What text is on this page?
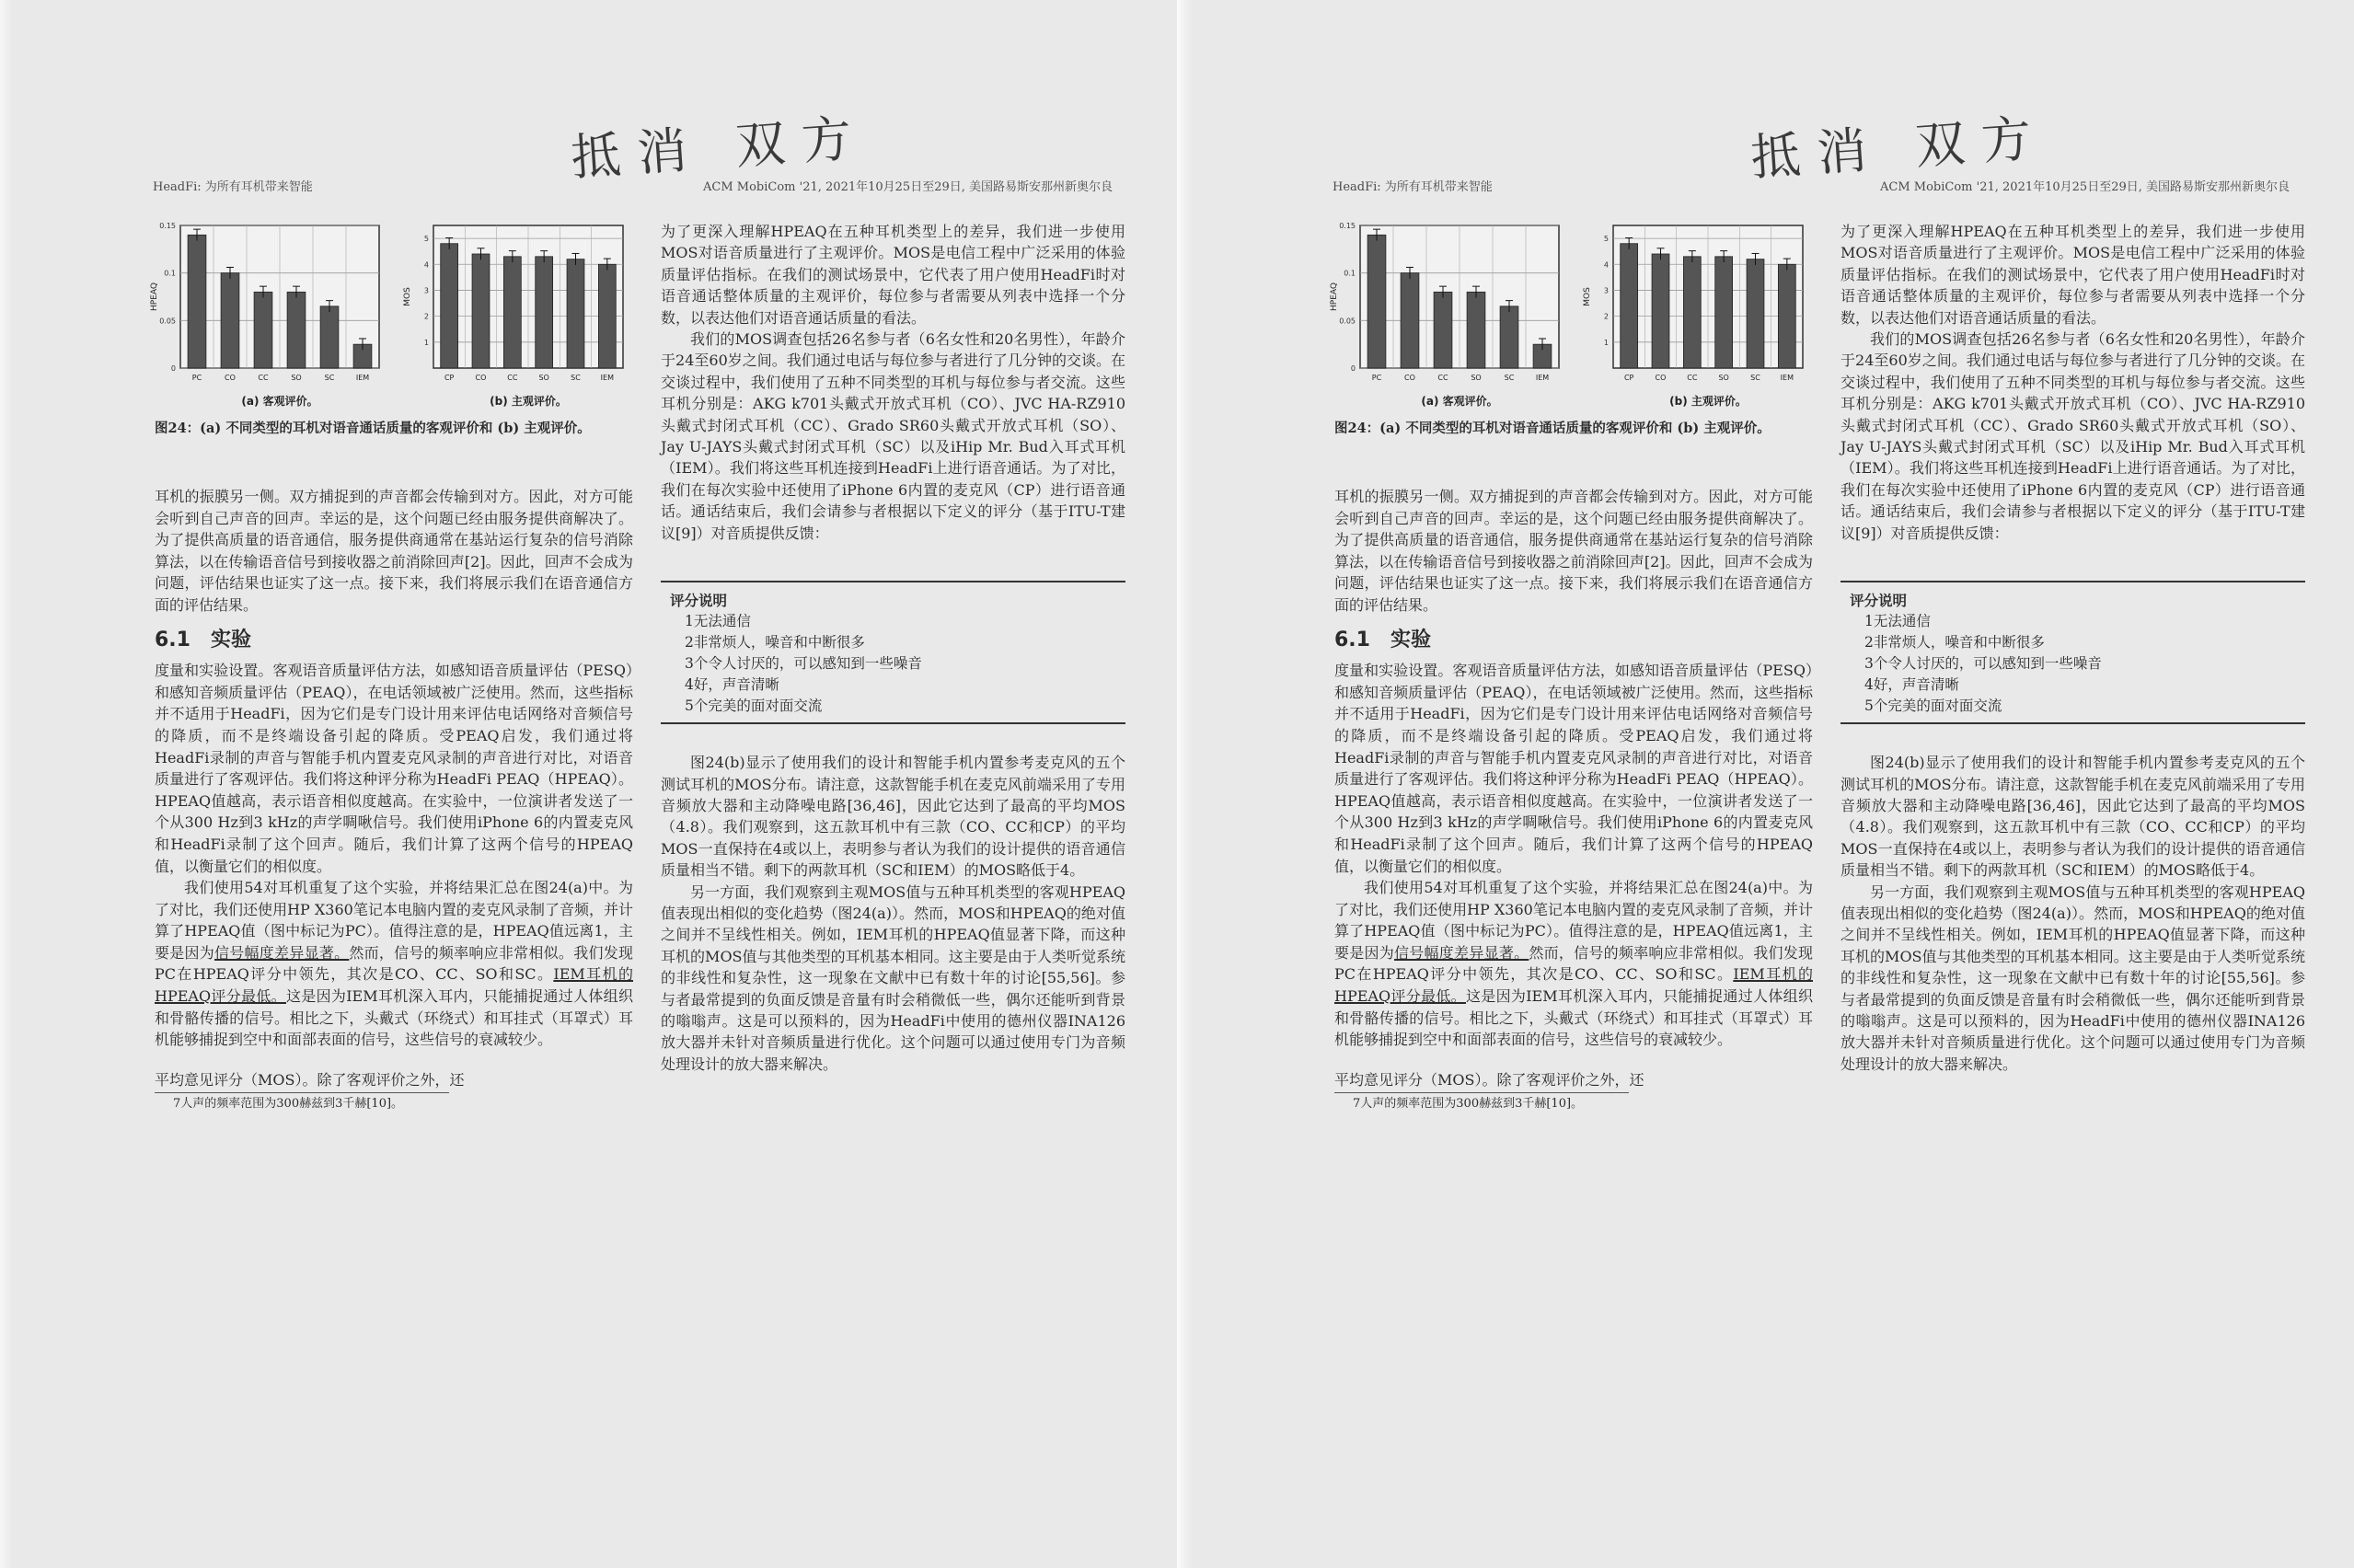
抵消 双方
HeadFi: 为所有耳机带来智能	ACM MobiCom '21, 2021年10月25日至29日, 美国路易斯安那州新奥尔良
0.15
0.1
0.05
0
PC	CO	CC	SO	SC	IEM
HPEAQ
(a) 客观评价。
5
4
3
2
1
CP	CO	CC	SO	SC	IEM
MOS
(b) 主观评价。
图24：(a) 不同类型的耳机对语音通话质量的客观评价和 (b) 主观评价。

耳机的振膜另一侧。双方捕捉到的声音都会传输到对方。因此，对方可能会听到自己声音的回声。幸运的是，这个问题已经由服务提供商解决了。为了提供高质量的语音通信，服务提供商通常在基站运行复杂的信号消除算法，以在传输语音信号到接收器之前消除回声[2]。因此，回声不会成为问题，评估结果也证实了这一点。接下来，我们将展示我们在语音通信方面的评估结果。

6.1　实验

度量和实验设置。客观语音质量评估方法，如感知语音质量评估（PESQ）和感知音频质量评估（PEAQ），在电话领域被广泛使用。然而，这些指标并不适用于HeadFi，因为它们是专门设计用来评估电话网络对音频信号的降质，而不是终端设备引起的降质。受PEAQ启发，我们通过将HeadFi录制的声音与智能手机内置麦克风录制的声音进行对比，对语音质量进行了客观评估。我们将这种评分称为HeadFi PEAQ（HPEAQ）。HPEAQ值越高，表示语音相似度越高。在实验中，一位演讲者发送了一个从300 Hz到3 kHz的声学啁啾信号。我们使用iPhone 6的内置麦克风和HeadFi录制了这个回声。随后，我们计算了这两个信号的HPEAQ值，以衡量它们的相似度。

我们使用54对耳机重复了这个实验，并将结果汇总在图24(a)中。为了对比，我们还使用HP X360笔记本电脑内置的麦克风录制了音频，并计算了HPEAQ值（图中标记为PC）。值得注意的是，HPEAQ值远离1，主要是因为信号幅度差异显著。然而，信号的频率响应非常相似。我们发现PC在HPEAQ评分中领先，其次是CO、CC、SO和SC。IEM耳机的HPEAQ评分最低。这是因为IEM耳机深入耳内，只能捕捉通过人体组织和骨骼传播的信号。相比之下，头戴式（环绕式）和耳挂式（耳罩式）耳机能够捕捉到空中和面部表面的信号，这些信号的衰减较少。

平均意见评分（MOS）。除了客观评价之外，还

7人声的频率范围为300赫兹到3千赫[10]。

为了更深入理解HPEAQ在五种耳机类型上的差异，我们进一步使用MOS对语音质量进行了主观评价。MOS是电信工程中广泛采用的体验质量评估指标。在我们的测试场景中，它代表了用户使用HeadFi时对语音通话整体质量的主观评价，每位参与者需要从列表中选择一个分数，以表达他们对语音通话质量的看法。

我们的MOS调查包括26名参与者（6名女性和20名男性），年龄介于24至60岁之间。我们通过电话与每位参与者进行了几分钟的交谈。在交谈过程中，我们使用了五种不同类型的耳机与每位参与者交流。这些耳机分别是：AKG k701头戴式开放式耳机（CO）、JVC HA-RZ910头戴式封闭式耳机（CC）、Grado SR60头戴式开放式耳机（SO）、Jay U-JAYS头戴式封闭式耳机（SC）以及iHip Mr. Bud入耳式耳机（IEM）。我们将这些耳机连接到HeadFi上进行语音通话。为了对比，我们在每次实验中还使用了iPhone 6内置的麦克风（CP）进行语音通话。通话结束后，我们会请参与者根据以下定义的评分（基于ITU-T建议[9]）对音质提供反馈：

评分说明
1无法通信
2非常烦人，噪音和中断很多
3个令人讨厌的，可以感知到一些噪音
4好，声音清晰
5个完美的面对面交流

图24(b)显示了使用我们的设计和智能手机内置参考麦克风的五个测试耳机的MOS分布。请注意，这款智能手机在麦克风前端采用了专用音频放大器和主动降噪电路[36,46]，因此它达到了最高的平均MOS（4.8）。我们观察到，这五款耳机中有三款（CO、CC和CP）的平均MOS一直保持在4或以上，表明参与者认为我们的设计提供的语音通信质量相当不错。剩下的两款耳机（SC和IEM）的MOS略低于4。

另一方面，我们观察到主观MOS值与五种耳机类型的客观HPEAQ值表现出相似的变化趋势（图24(a)）。然而，MOS和HPEAQ的绝对值之间并不呈线性相关。例如，IEM耳机的HPEAQ值显著下降，而这种耳机的MOS值与其他类型的耳机基本相同。这主要是由于人类听觉系统的非线性和复杂性，这一现象在文献中已有数十年的讨论[55,56]。参与者最常提到的负面反馈是音量有时会稍微低一些，偶尔还能听到背景的嗡嗡声。这是可以预料的，因为HeadFi中使用的德州仪器INA126放大器并未针对音频质量进行优化。这个问题可以通过使用专门为音频处理设计的放大器来解决。

抵消 双方
HeadFi: 为所有耳机带来智能	ACM MobiCom '21, 2021年10月25日至29日, 美国路易斯安那州新奥尔良
0.15
0.1
0.05
0
PC	CO	CC	SO	SC	IEM
HPEAQ
(a) 客观评价。
5
4
3
2
1
CP	CO	CC	SO	SC	IEM
MOS
(b) 主观评价。
图24：(a) 不同类型的耳机对语音通话质量的客观评价和 (b) 主观评价。

耳机的振膜另一侧。双方捕捉到的声音都会传输到对方。因此，对方可能会听到自己声音的回声。幸运的是，这个问题已经由服务提供商解决了。为了提供高质量的语音通信，服务提供商通常在基站运行复杂的信号消除算法，以在传输语音信号到接收器之前消除回声[2]。因此，回声不会成为问题，评估结果也证实了这一点。接下来，我们将展示我们在语音通信方面的评估结果。

6.1　实验

度量和实验设置。客观语音质量评估方法，如感知语音质量评估（PESQ）和感知音频质量评估（PEAQ），在电话领域被广泛使用。然而，这些指标并不适用于HeadFi，因为它们是专门设计用来评估电话网络对音频信号的降质，而不是终端设备引起的降质。受PEAQ启发，我们通过将HeadFi录制的声音与智能手机内置麦克风录制的声音进行对比，对语音质量进行了客观评估。我们将这种评分称为HeadFi PEAQ（HPEAQ）。HPEAQ值越高，表示语音相似度越高。在实验中，一位演讲者发送了一个从300 Hz到3 kHz的声学啁啾信号。我们使用iPhone 6的内置麦克风和HeadFi录制了这个回声。随后，我们计算了这两个信号的HPEAQ值，以衡量它们的相似度。

我们使用54对耳机重复了这个实验，并将结果汇总在图24(a)中。为了对比，我们还使用HP X360笔记本电脑内置的麦克风录制了音频，并计算了HPEAQ值（图中标记为PC）。值得注意的是，HPEAQ值远离1，主要是因为信号幅度差异显著。然而，信号的频率响应非常相似。我们发现PC在HPEAQ评分中领先，其次是CO、CC、SO和SC。IEM耳机的HPEAQ评分最低。这是因为IEM耳机深入耳内，只能捕捉通过人体组织和骨骼传播的信号。相比之下，头戴式（环绕式）和耳挂式（耳罩式）耳机能够捕捉到空中和面部表面的信号，这些信号的衰减较少。

平均意见评分（MOS）。除了客观评价之外，还

7人声的频率范围为300赫兹到3千赫[10]。

为了更深入理解HPEAQ在五种耳机类型上的差异，我们进一步使用MOS对语音质量进行了主观评价。MOS是电信工程中广泛采用的体验质量评估指标。在我们的测试场景中，它代表了用户使用HeadFi时对语音通话整体质量的主观评价，每位参与者需要从列表中选择一个分数，以表达他们对语音通话质量的看法。

我们的MOS调查包括26名参与者（6名女性和20名男性），年龄介于24至60岁之间。我们通过电话与每位参与者进行了几分钟的交谈。在交谈过程中，我们使用了五种不同类型的耳机与每位参与者交流。这些耳机分别是：AKG k701头戴式开放式耳机（CO）、JVC HA-RZ910头戴式封闭式耳机（CC）、Grado SR60头戴式开放式耳机（SO）、Jay U-JAYS头戴式封闭式耳机（SC）以及iHip Mr. Bud入耳式耳机（IEM）。我们将这些耳机连接到HeadFi上进行语音通话。为了对比，我们在每次实验中还使用了iPhone 6内置的麦克风（CP）进行语音通话。通话结束后，我们会请参与者根据以下定义的评分（基于ITU-T建议[9]）对音质提供反馈：

评分说明
1无法通信
2非常烦人，噪音和中断很多
3个令人讨厌的，可以感知到一些噪音
4好，声音清晰
5个完美的面对面交流

图24(b)显示了使用我们的设计和智能手机内置参考麦克风的五个测试耳机的MOS分布。请注意，这款智能手机在麦克风前端采用了专用音频放大器和主动降噪电路[36,46]，因此它达到了最高的平均MOS（4.8）。我们观察到，这五款耳机中有三款（CO、CC和CP）的平均MOS一直保持在4或以上，表明参与者认为我们的设计提供的语音通信质量相当不错。剩下的两款耳机（SC和IEM）的MOS略低于4。

另一方面，我们观察到主观MOS值与五种耳机类型的客观HPEAQ值表现出相似的变化趋势（图24(a)）。然而，MOS和HPEAQ的绝对值之间并不呈线性相关。例如，IEM耳机的HPEAQ值显著下降，而这种耳机的MOS值与其他类型的耳机基本相同。这主要是由于人类听觉系统的非线性和复杂性，这一现象在文献中已有数十年的讨论[55,56]。参与者最常提到的负面反馈是音量有时会稍微低一些，偶尔还能听到背景的嗡嗡声。这是可以预料的，因为HeadFi中使用的德州仪器INA126放大器并未针对音频质量进行优化。这个问题可以通过使用专门为音频处理设计的放大器来解决。
